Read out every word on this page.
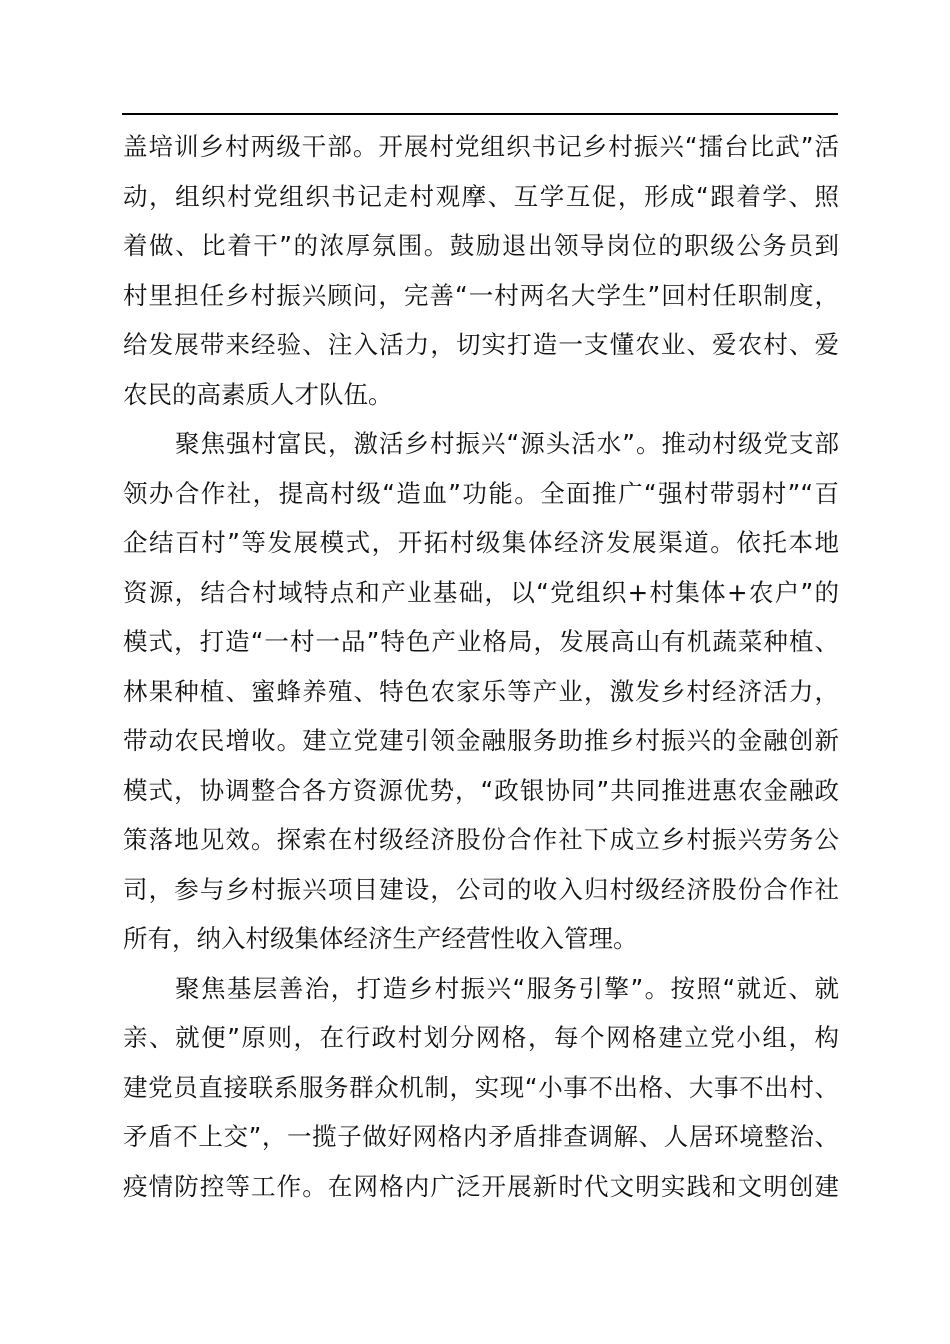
盖培训乡村两级干部。开展村党组织书记乡村振兴“擂台比武”活
动，组织村党组织书记走村观摩、互学互促，形成“跟着学、照
着做、比着干”的浓厚氛围。鼓励退出领导岗位的职级公务员到
村里担任乡村振兴顾问，完善“一村两名大学生”回村任职制度，
给发展带来经验、注入活力，切实打造一支懂农业、爱农村、爱
农民的高素质人才队伍。
聚焦强村富民，激活乡村振兴“源头活水”。推动村级党支部
领办合作社，提高村级“造血”功能。全面推广“强村带弱村”“百
企结百村”等发展模式，开拓村级集体经济发展渠道。依托本地
资源，结合村域特点和产业基础，以“党组织+村集体+农户”的
模式，打造“一村一品”特色产业格局，发展高山有机蔬菜种植、
林果种植、蜜蜂养殖、特色农家乐等产业，激发乡村经济活力，
带动农民增收。建立党建引领金融服务助推乡村振兴的金融创新
模式，协调整合各方资源优势，“政银协同”共同推进惠农金融政
策落地见效。探索在村级经济股份合作社下成立乡村振兴劳务公
司，参与乡村振兴项目建设，公司的收入归村级经济股份合作社
所有，纳入村级集体经济生产经营性收入管理。
聚焦基层善治，打造乡村振兴“服务引擎”。按照“就近、就
亲、就便”原则，在行政村划分网格，每个网格建立党小组，构
建党员直接联系服务群众机制，实现“小事不出格、大事不出村、
矛盾不上交”，一揽子做好网格内矛盾排查调解、人居环境整治、
疫情防控等工作。在网格内广泛开展新时代文明实践和文明创建
